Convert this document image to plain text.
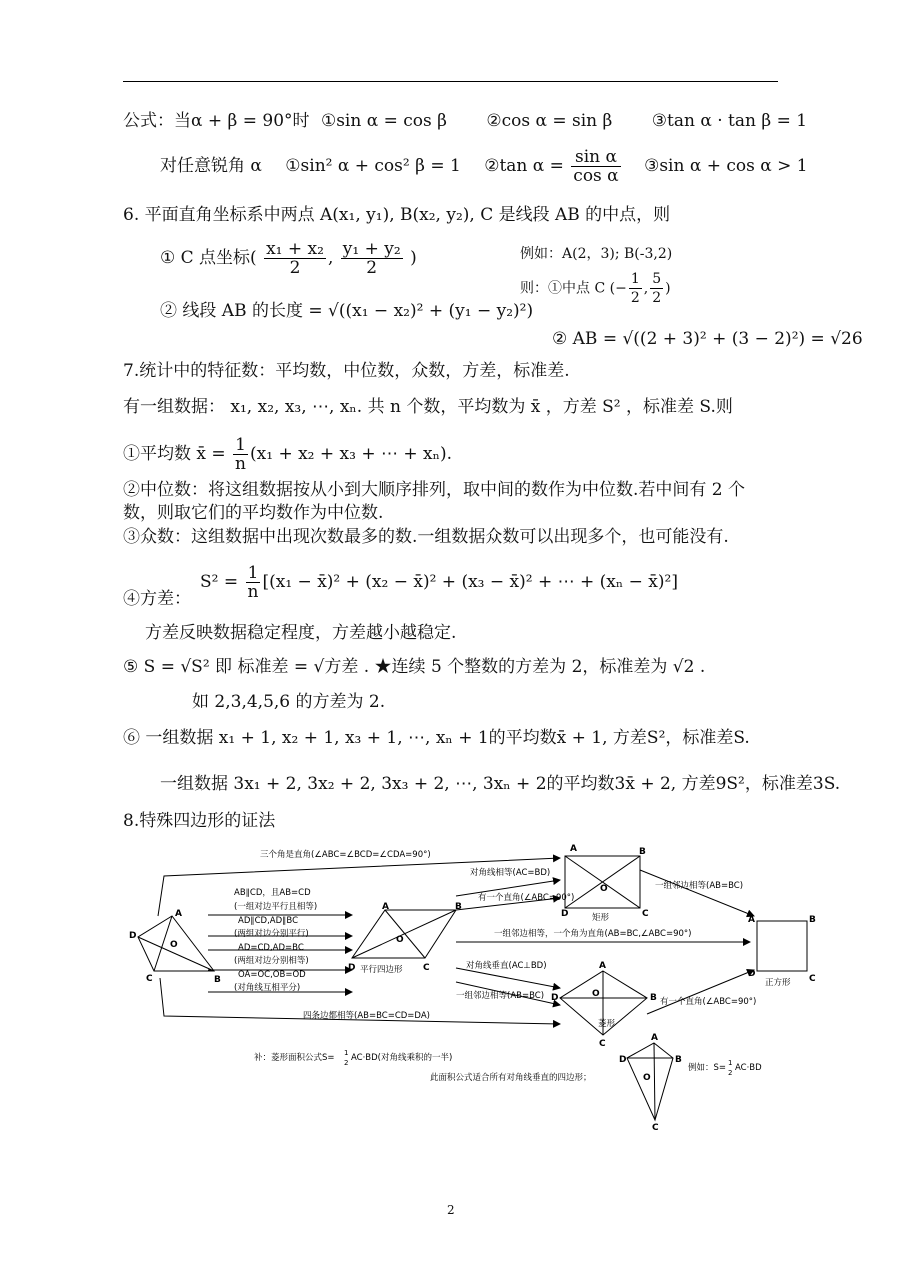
公式：当α + β = 90°时 ①sin α = cos β ②cos α = sin β ③tan α · tan β = 1
对任意锐角 α ①sin² α + cos² β = 1 ②tan $\alpha = \frac{\text{sin α}}{\text{cos α}}$ ③sin α + cos α > 1
6. 平面直角坐标系中两点 A(x₁, y₁), B(x₂, y₂), C 是线段 AB 的中点，则
① C 点坐标( $\frac{\text{x₁ + x₂}}{2}$ , $\frac{\text{y₁ + y₂}}{2}$ )
② 线段 AB 的长度 = √((x₁ − x₂)² + (y₁ − y₂)²)
例如：A(2，3); B(-3,2)
则：①中点 C (− $\frac{1}{2}$ , $\frac{5}{2}$ )
② AB = √((2 + 3)² + (3 − 2)²) = √26
7.统计中的特征数：平均数，中位数，众数，方差，标准差.
有一组数据： x₁, x₂, x₃, ⋯, xₙ. 共 n 个数，平均数为 x̄ ，方差 S² ，标准差 S.则
①平均数 x̄ = $\frac{1}{n} (x_1 + x_2 + x_3$ + ⋯ + xₙ).
②中位数：将这组数据按从小到大顺序排列，取中间的数作为中位数.若中间有 2 个
数，则取它们的平均数作为中位数.
③众数：这组数据中出现次数最多的数.一组数据众数可以出现多个，也可能没有.
④方差：
$S^2 = \frac{1}{n} [(x_1$ − x̄)² + (x₂ − x̄)² + (x₃ − x̄)² + ⋯ + (xₙ − x̄)²]
方差反映数据稳定程度，方差越小越稳定.
⑤ S = √S² 即 标准差 = √方差 . ★连续 5 个整数的方差为 2，标准差为 √2 .
如 2,3,4,5,6 的方差为 2.
⑥ 一组数据 x₁ + 1, x₂ + 1, x₃ + 1, ⋯, xₙ + 1的平均数x̄ + 1, 方差S²，标准差S.
一组数据 3x₁ + 2, 3x₂ + 2, 3x₃ + 2, ⋯, 3xₙ + 2的平均数3x̄ + 2, 方差9S²，标准差3S.
8.特殊四边形的证法
三个角是直角(∠ABC=∠BCD=∠CDA=90°)
AB∥CD，且AB=CD
(一组对边平行且相等)
AD∥CD,AD∥BC
(两组对边分别平行)
AD=CD,AD=BC
(两组对边分别相等)
OA=OC,OB=OD
(对角线互相平分)
四条边都相等(AB=BC=CD=DA)
对角线相等(AC=BD)
有一个直角(∠ABC=90°)
一组邻边相等，一个角为直角(AB=BC,∠ABC=90°)
对角线垂直(AC⊥BD)
一组邻边相等(AB=BC)
一组邻边相等(AB=BC)
有一个直角(∠ABC=90°)
平行四边形
矩形
菱形
正方形
补：菱形面积公式S= 1
2 AC·BD(对角线乘积的一半)
此面积公式适合所有对角线垂直的四边形；
例如：S= 1
2 AC·BD
A
D
C	B
O
A	B
C
D
O
A	B
C
D
O
A
B
C
D	O
A	B
C
D
A
B
C
D
O
2
